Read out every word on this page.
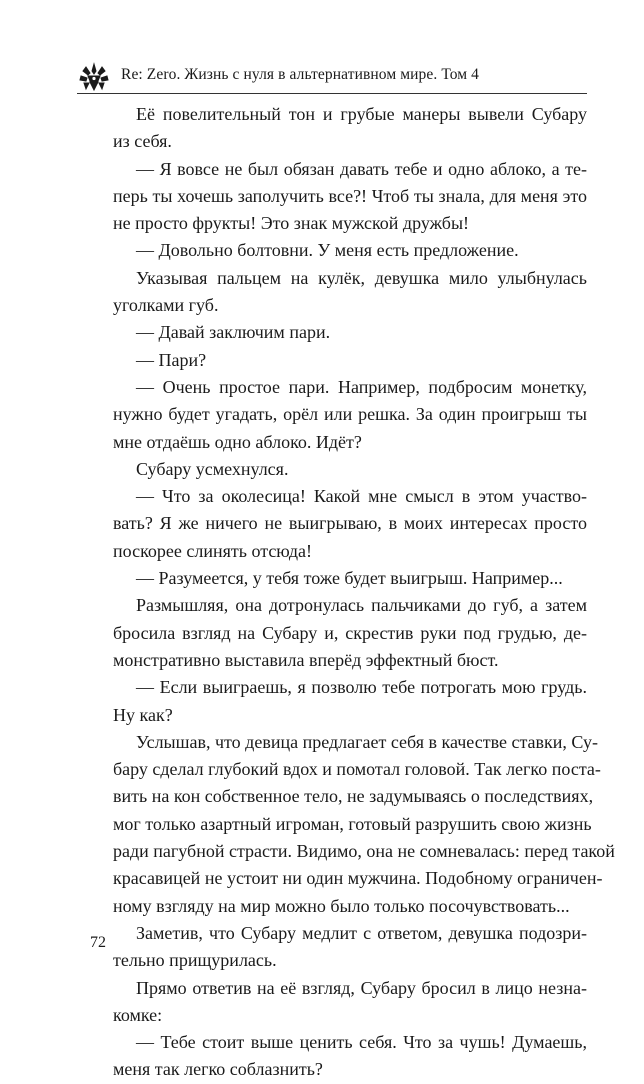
Re: Zero. Жизнь с нуля в альтернативном мире. Том 4
Её повелительный тон и грубые манеры вывели Субару
из себя.
— Я вовсе не был обязан давать тебе и одно аблоко, а те-
перь ты хочешь заполучить все?! Чтоб ты знала, для меня это
не просто фрукты! Это знак мужской дружбы!
— Довольно болтовни. У меня есть предложение.
Указывая пальцем на кулёк, девушка мило улыбнулась
уголками губ.
— Давай заключим пари.
— Пари?
— Очень простое пари. Например, подбросим монетку,
нужно будет угадать, орёл или решка. За один проигрыш ты
мне отдаёшь одно аблоко. Идёт?
Субару усмехнулся.
— Что за околесица! Какой мне смысл в этом участво-
вать? Я же ничего не выигрываю, в моих интересах просто
поскорее слинять отсюда!
— Разумеется, у тебя тоже будет выигрыш. Например...
Размышляя, она дотронулась пальчиками до губ, а затем
бросила взгляд на Субару и, скрестив руки под грудью, де-
монстративно выставила вперёд эффектный бюст.
— Если выиграешь, я позволю тебе потрогать мою грудь.
Ну как?
Услышав, что девица предлагает себя в качестве ставки, Су-
бару сделал глубокий вдох и помотал головой. Так легко поста-
вить на кон собственное тело, не задумываясь о последствиях,
мог только азартный игроман, готовый разрушить свою жизнь
ради пагубной страсти. Видимо, она не сомневалась: перед такой
красавицей не устоит ни один мужчина. Подобному ограничен-
ному взгляду на мир можно было только посочувствовать...
Заметив, что Субару медлит с ответом, девушка подозри-
тельно прищурилась.
Прямо ответив на её взгляд, Субару бросил в лицо незна-
комке:
— Тебе стоит выше ценить себя. Что за чушь! Думаешь,
меня так легко соблазнить?
72
